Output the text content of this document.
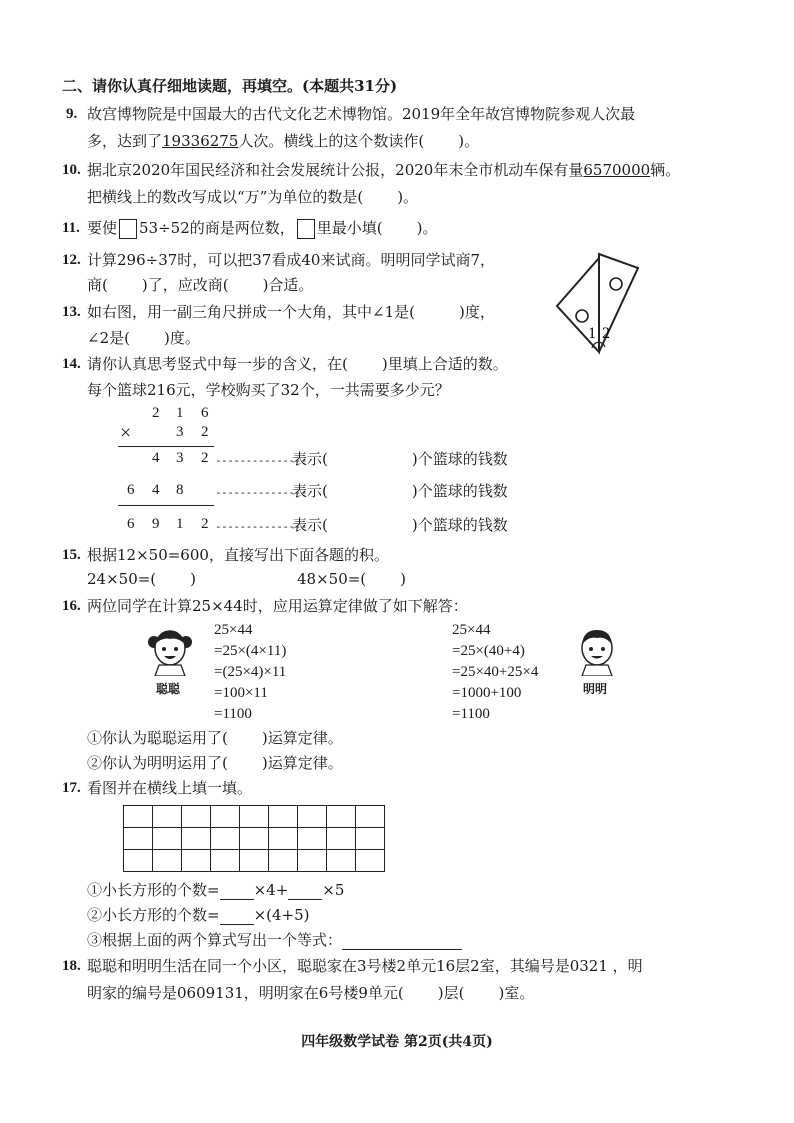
二、请你认真仔细地读题，再填空。(本题共31分)
9. 故宫博物院是中国最大的古代文化艺术博物馆。2019年全年故宫博物院参观人次最
多，达到了19336275人次。横线上的这个数读作( )。
10. 据北京2020年国民经济和社会发展统计公报，2020年末全市机动车保有量6570000辆。
把横线上的数改写成以“万”为单位的数是( )。
11. 要使 53÷52的商是两位数， 里最小填( )。
12. 计算296÷37时，可以把37看成40来试商。明明同学试商7，
商( )了，应改商( )合适。
13. 如右图，用一副三角尺拼成一个大角，其中∠1是(	)度，
∠2是( )度。	1 2
14. 请你认真思考竖式中每一步的含义，在( )里填上合适的数。
每个篮球216元，学校购买了32个，一共需要多少元？
2 1 6
×	3 2
4 3 2 ---------------
表示(	)个篮球的钱数
6 4 8	---------------
表示(	)个篮球的钱数
6 9 1 2 ---------------
表示(	)个篮球的钱数
15. 根据12×50=600，直接写出下面各题的积。
24×50=( )	48×50=( )
16. 两位同学在计算25×44时，应用运算定律做了如下解答：
25×44
=25×(4×11)
=(25×4)×11
=100×11
=1100
25×44
=25×(40+4)
=25×40+25×4
=1000+100
=1100
聪聪	明明
①你认为聪聪运用了( )运算定律。
②你认为明明运用了( )运算定律。
17. 看图并在横线上填一填。

①小长方形的个数= ×4+ ×5
②小长方形的个数= ×(4+5)
③根据上面的两个算式写出一个等式：
18. 聪聪和明明生活在同一个小区，聪聪家在3号楼2单元16层2室，其编号是0321 ，明
明家的编号是0609131，明明家在6号楼9单元( )层( )室。
四年级数学试卷 第2页(共4页)
